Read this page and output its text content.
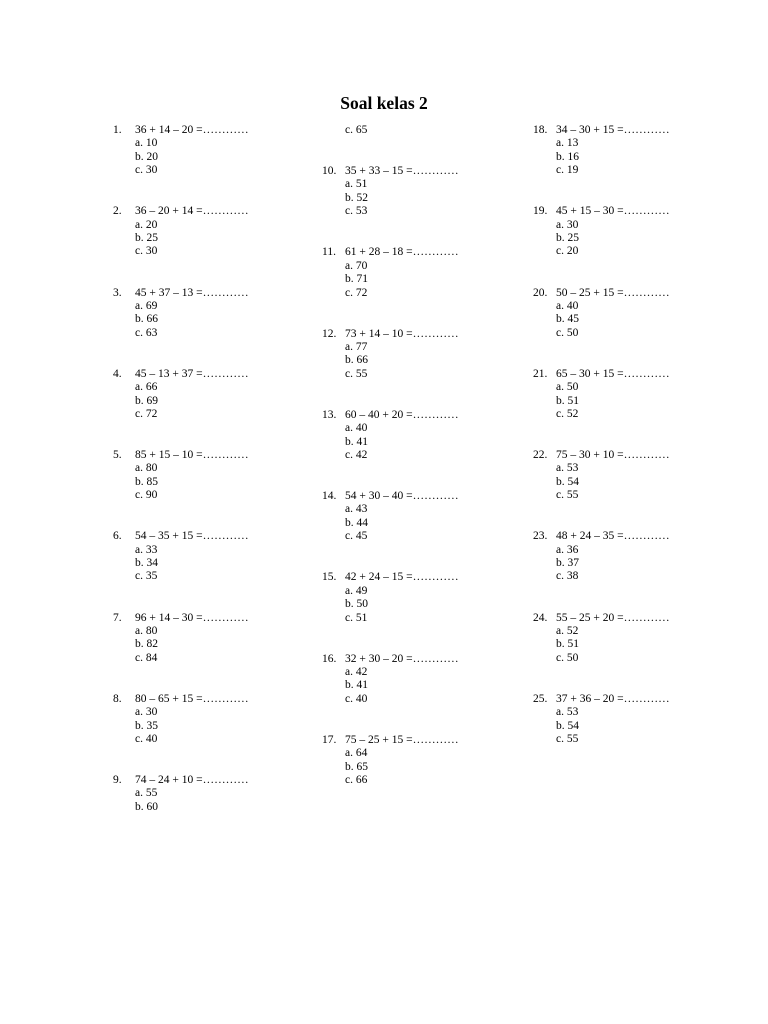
Soal kelas 2
1. 36 + 14 – 20 =…………
a. 10
b. 20
c. 30
2. 36 – 20 + 14 =…………
a. 20
b. 25
c. 30
3. 45 + 37 – 13 =…………
a. 69
b. 66
c. 63
4. 45 – 13 + 37 =…………
a. 66
b. 69
c. 72
5. 85 + 15 – 10 =…………
a. 80
b. 85
c. 90
6. 54 – 35 + 15 =…………
a. 33
b. 34
c. 35
7. 96 + 14 – 30 =…………
a. 80
b. 82
c. 84
8. 80 – 65 + 15 =…………
a. 30
b. 35
c. 40
9. 74 – 24 + 10 =…………
a. 55
b. 60
c. 65
10. 35 + 33 – 15 =…………
a. 51
b. 52
c. 53
11. 61 + 28 – 18 =…………
a. 70
b. 71
c. 72
12. 73 + 14 – 10 =…………
a. 77
b. 66
c. 55
13. 60 – 40 + 20 =…………
a. 40
b. 41
c. 42
14. 54 + 30 – 40 =…………
a. 43
b. 44
c. 45
15. 42 + 24 – 15 =…………
a. 49
b. 50
c. 51
16. 32 + 30 – 20 =…………
a. 42
b. 41
c. 40
17. 75 – 25 + 15 =…………
a. 64
b. 65
c. 66
18. 34 – 30 + 15 =…………
a. 13
b. 16
c. 19
19. 45 + 15 – 30 =…………
a. 30
b. 25
c. 20
20. 50 – 25 + 15 =…………
a. 40
b. 45
c. 50
21. 65 – 30 + 15 =…………
a. 50
b. 51
c. 52
22. 75 – 30 + 10 =…………
a. 53
b. 54
c. 55
23. 48 + 24 – 35 =…………
a. 36
b. 37
c. 38
24. 55 – 25 + 20 =…………
a. 52
b. 51
c. 50
25. 37 + 36 – 20 =…………
a. 53
b. 54
c. 55
